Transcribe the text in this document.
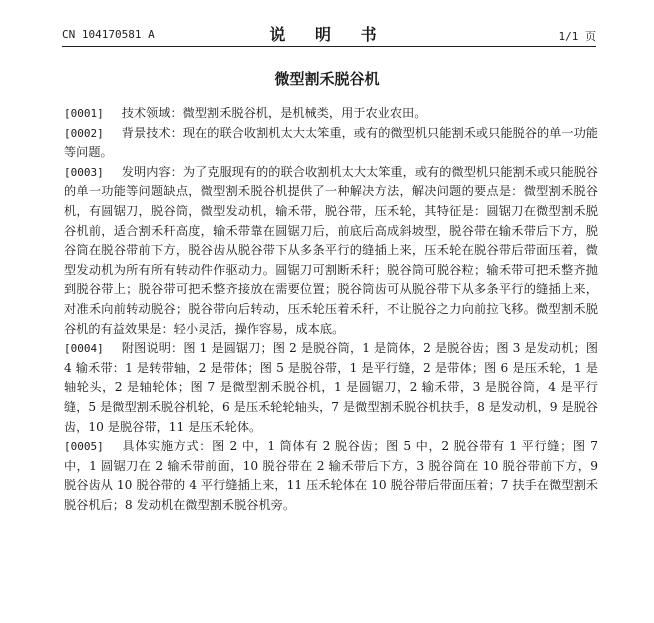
CN 104170581 A	说 明 书	1/1 页
微型割禾脱谷机

[0001] 技术领域：微型割禾脱谷机，是机械类，用于农业农田。

[0002] 背景技术：现在的联合收割机太大太笨重，或有的微型机只能割禾或只能脱谷的单一功能等问题。

[0003] 发明内容：为了克服现有的的联合收割机太大太笨重，或有的微型机只能割禾或只能脱谷的单一功能等问题缺点，微型割禾脱谷机提供了一种解决方法，解决问题的要点是：微型割禾脱谷机，有圆锯刀，脱谷筒，微型发动机，输禾带，脱谷带，压禾轮，其特征是：圆锯刀在微型割禾脱谷机前，适合割禾秆高度，输禾带靠在圆锯刀后，前底后高成斜坡型，脱谷带在输禾带后下方，脱谷筒在脱谷带前下方，脱谷齿从脱谷带下从多条平行的缝插上来，压禾轮在脱谷带后带面压着，微型发动机为所有所有转动件作驱动力。圆锯刀可割断禾秆；脱谷筒可脱谷粒；输禾带可把禾整齐抛到脱谷带上；脱谷带可把禾整齐接放在需要位置；脱谷筒齿可从脱谷带下从多条平行的缝插上来，对准禾向前转动脱谷；脱谷带向后转动，压禾轮压着禾秆，不让脱谷之力向前拉飞移。微型割禾脱谷机的有益效果是：轻小灵活，操作容易，成本底。

[0004] 附图说明：图 1 是圆锯刀；图 2 是脱谷筒，1 是筒体，2 是脱谷齿；图 3 是发动机；图 4 输禾带：1 是转带轴，2 是带体；图 5 是脱谷带，1 是平行缝，2 是带体；图 6 是压禾轮，1 是轴轮头，2 是轴轮体；图 7 是微型割禾脱谷机，1 是圆锯刀，2 输禾带，3 是脱谷筒，4 是平行缝，5 是微型割禾脱谷机轮，6 是压禾轮轮轴头，7 是微型割禾脱谷机扶手，8 是发动机，9 是脱谷齿，10 是脱谷带，11 是压禾轮体。

[0005] 具体实施方式：图 2 中，1 筒体有 2 脱谷齿；图 5 中，2 脱谷带有 1 平行缝；图 7 中，1 圆锯刀在 2 输禾带前面，10 脱谷带在 2 输禾带后下方，3 脱谷筒在 10 脱谷带前下方，9 脱谷齿从 10 脱谷带的 4 平行缝插上来，11 压禾轮体在 10 脱谷带后带面压着；7 扶手在微型割禾脱谷机后；8 发动机在微型割禾脱谷机旁。
